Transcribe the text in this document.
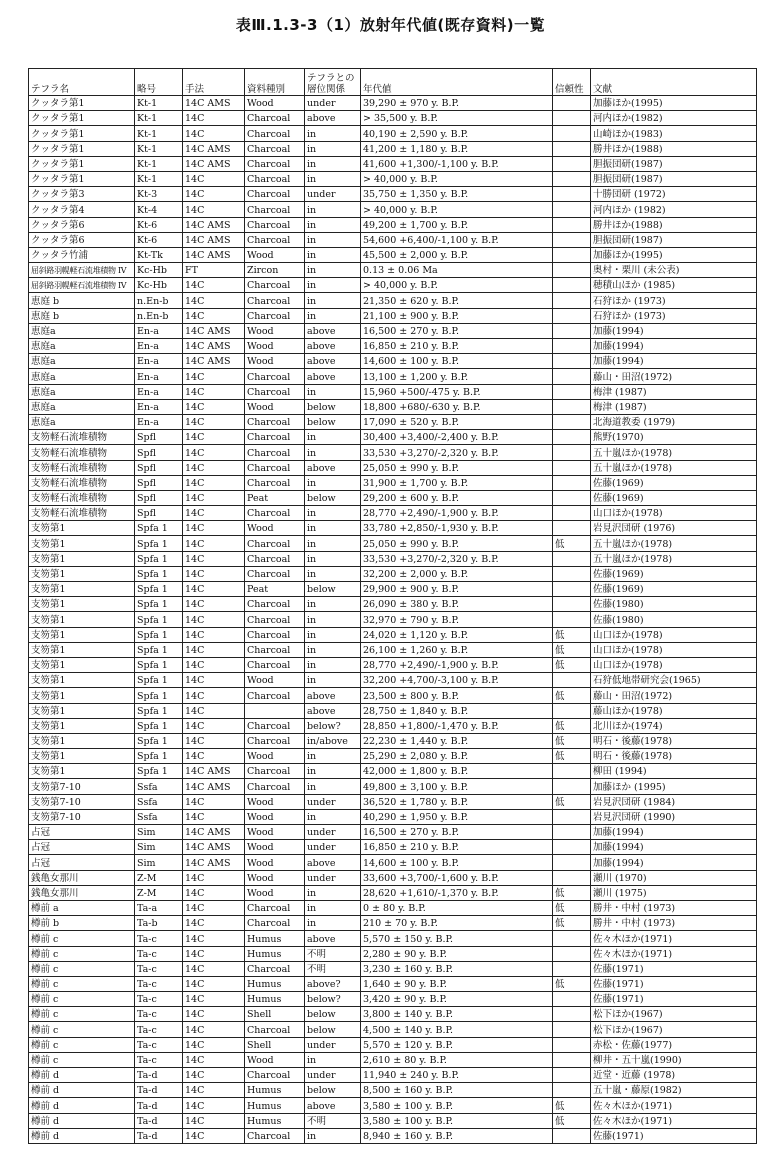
表Ⅲ.1.3-3（1）放射年代値(既存資料)一覧
テフラ名	略号	手法	資料種別	テフラとの層位関係	年代値	信頼性	文献
クッタラ第1	Kt-1	14C AMS	Wood	under	39,290 ± 970 y. B.P.		加藤ほか(1995)
クッタラ第1	Kt-1	14C	Charcoal	above	> 35,500 y. B.P.		河内ほか(1982)
クッタラ第1	Kt-1	14C	Charcoal	in	40,190 ± 2,590 y. B.P.		山崎ほか(1983)
クッタラ第1	Kt-1	14C AMS	Charcoal	in	41,200 ± 1,180 y. B.P.		勝井ほか(1988)
クッタラ第1	Kt-1	14C AMS	Charcoal	in	41,600 +1,300/-1,100 y. B.P.		胆振団研(1987)
クッタラ第1	Kt-1	14C	Charcoal	in	> 40,000 y. B.P.		胆振団研(1987)
クッタラ第3	Kt-3	14C	Charcoal	under	35,750 ± 1,350 y. B.P.		十勝団研 (1972)
クッタラ第4	Kt-4	14C	Charcoal	in	> 40,000 y. B.P.		河内ほか (1982)
クッタラ第6	Kt-6	14C AMS	Charcoal	in	49,200 ± 1,700 y. B.P.		勝井ほか(1988)
クッタラ第6	Kt-6	14C AMS	Charcoal	in	54,600 +6,400/-1,100 y. B.P.		胆振団研(1987)
クッタラ竹浦	Kt-Tk	14C AMS	Wood	in	45,500 ± 2,000 y. B.P.		加藤ほか(1995)
屈斜路羽幌軽石流堆積物 IV	Kc-Hb	FT	Zircon	in	0.13 ± 0.06 Ma		奥村・栗川 (未公表)
屈斜路羽幌軽石流堆積物 IV	Kc-Hb	14C	Charcoal	in	> 40,000 y. B.P.		穂積山ほか (1985)
恵庭 b	n.En-b	14C	Charcoal	in	21,350 ± 620 y. B.P.		石狩ほか (1973)
恵庭 b	n.En-b	14C	Charcoal	in	21,100 ± 900 y. B.P.		石狩ほか (1973)
恵庭a	En-a	14C AMS	Wood	above	16,500 ± 270 y. B.P.		加藤(1994)
恵庭a	En-a	14C AMS	Wood	above	16,850 ± 210 y. B.P.		加藤(1994)
恵庭a	En-a	14C AMS	Wood	above	14,600 ± 100 y. B.P.		加藤(1994)
恵庭a	En-a	14C	Charcoal	above	13,100 ± 1,200 y. B.P.		藤山・田沼(1972)
恵庭a	En-a	14C	Charcoal	in	15,960 +500/-475 y. B.P.		梅津 (1987)
恵庭a	En-a	14C	Wood	below	18,800 +680/-630 y. B.P.		梅津 (1987)
恵庭a	En-a	14C	Charcoal	below	17,090 ± 520 y. B.P.		北海道教委 (1979)
支笏軽石流堆積物	Spfl	14C	Charcoal	in	30,400 +3,400/-2,400 y. B.P.		熊野(1970)
支笏軽石流堆積物	Spfl	14C	Charcoal	in	33,530 +3,270/-2,320 y. B.P.		五十嵐ほか(1978)
支笏軽石流堆積物	Spfl	14C	Charcoal	above	25,050 ± 990 y. B.P.		五十嵐ほか(1978)
支笏軽石流堆積物	Spfl	14C	Charcoal	in	31,900 ± 1,700 y. B.P.		佐藤(1969)
支笏軽石流堆積物	Spfl	14C	Peat	below	29,200 ± 600 y. B.P.		佐藤(1969)
支笏軽石流堆積物	Spfl	14C	Charcoal	in	28,770 +2,490/-1,900 y. B.P.		山口ほか(1978)
支笏第1	Spfa 1	14C	Wood	in	33,780 +2,850/-1,930 y. B.P.		岩見沢団研 (1976)
支笏第1	Spfa 1	14C	Charcoal	in	25,050 ± 990 y. B.P.	低	五十嵐ほか(1978)
支笏第1	Spfa 1	14C	Charcoal	in	33,530 +3,270/-2,320 y. B.P.		五十嵐ほか(1978)
支笏第1	Spfa 1	14C	Charcoal	in	32,200 ± 2,000 y. B.P.		佐藤(1969)
支笏第1	Spfa 1	14C	Peat	below	29,900 ± 900 y. B.P.		佐藤(1969)
支笏第1	Spfa 1	14C	Charcoal	in	26,090 ± 380 y. B.P.		佐藤(1980)
支笏第1	Spfa 1	14C	Charcoal	in	32,970 ± 790 y. B.P.		佐藤(1980)
支笏第1	Spfa 1	14C	Charcoal	in	24,020 ± 1,120 y. B.P.	低	山口ほか(1978)
支笏第1	Spfa 1	14C	Charcoal	in	26,100 ± 1,260 y. B.P.	低	山口ほか(1978)
支笏第1	Spfa 1	14C	Charcoal	in	28,770 +2,490/-1,900 y. B.P.	低	山口ほか(1978)
支笏第1	Spfa 1	14C	Wood	in	32,200 +4,700/-3,100 y. B.P.		石狩低地帯研究会(1965)
支笏第1	Spfa 1	14C	Charcoal	above	23,500 ± 800 y. B.P.	低	藤山・田沼(1972)
支笏第1	Spfa 1	14C		above	28,750 ± 1,840 y. B.P.		藤山ほか(1978)
支笏第1	Spfa 1	14C	Charcoal	below?	28,850 +1,800/-1,470 y. B.P.	低	北川ほか(1974)
支笏第1	Spfa 1	14C	Charcoal	in/above	22,230 ± 1,440 y. B.P.	低	明石・後藤(1978)
支笏第1	Spfa 1	14C	Wood	in	25,290 ± 2,080 y. B.P.	低	明石・後藤(1978)
支笏第1	Spfa 1	14C AMS	Charcoal	in	42,000 ± 1,800 y. B.P.		柳田 (1994)
支笏第7-10	Ssfa	14C AMS	Charcoal	in	49,800 ± 3,100 y. B.P.		加藤ほか (1995)
支笏第7-10	Ssfa	14C	Wood	under	36,520 ± 1,780 y. B.P.	低	岩見沢団研 (1984)
支笏第7-10	Ssfa	14C	Wood	in	40,290 ± 1,950 y. B.P.		岩見沢団研 (1990)
占冠	Sim	14C AMS	Wood	under	16,500 ± 270 y. B.P.		加藤(1994)
占冠	Sim	14C AMS	Wood	under	16,850 ± 210 y. B.P.		加藤(1994)
占冠	Sim	14C AMS	Wood	above	14,600 ± 100 y. B.P.		加藤(1994)
銭亀女那川	Z-M	14C	Wood	under	33,600 +3,700/-1,600 y. B.P.		瀬川 (1970)
銭亀女那川	Z-M	14C	Wood	in	28,620 +1,610/-1,370 y. B.P.	低	瀬川 (1975)
樽前 a	Ta-a	14C	Charcoal	in	0 ± 80 y. B.P.	低	勝井・中村 (1973)
樽前 b	Ta-b	14C	Charcoal	in	210 ± 70 y. B.P.	低	勝井・中村 (1973)
樽前 c	Ta-c	14C	Humus	above	5,570 ± 150 y. B.P.		佐々木ほか(1971)
樽前 c	Ta-c	14C	Humus	不明	2,280 ± 90 y. B.P.		佐々木ほか(1971)
樽前 c	Ta-c	14C	Charcoal	不明	3,230 ± 160 y. B.P.		佐藤(1971)
樽前 c	Ta-c	14C	Humus	above?	1,640 ± 90 y. B.P.	低	佐藤(1971)
樽前 c	Ta-c	14C	Humus	below?	3,420 ± 90 y. B.P.		佐藤(1971)
樽前 c	Ta-c	14C	Shell	below	3,800 ± 140 y. B.P.		松下ほか(1967)
樽前 c	Ta-c	14C	Charcoal	below	4,500 ± 140 y. B.P.		松下ほか(1967)
樽前 c	Ta-c	14C	Shell	under	5,570 ± 120 y. B.P.		赤松・佐藤(1977)
樽前 c	Ta-c	14C	Wood	in	2,610 ± 80 y. B.P.		柳井・五十嵐(1990)
樽前 d	Ta-d	14C	Charcoal	under	11,940 ± 240 y. B.P.		近堂・近藤 (1978)
樽前 d	Ta-d	14C	Humus	below	8,500 ± 160 y. B.P.		五十嵐・藤原(1982)
樽前 d	Ta-d	14C	Humus	above	3,580 ± 100 y. B.P.	低	佐々木ほか(1971)
樽前 d	Ta-d	14C	Humus	不明	3,580 ± 100 y. B.P.	低	佐々木ほか(1971)
樽前 d	Ta-d	14C	Charcoal	in	8,940 ± 160 y. B.P.		佐藤(1971)
